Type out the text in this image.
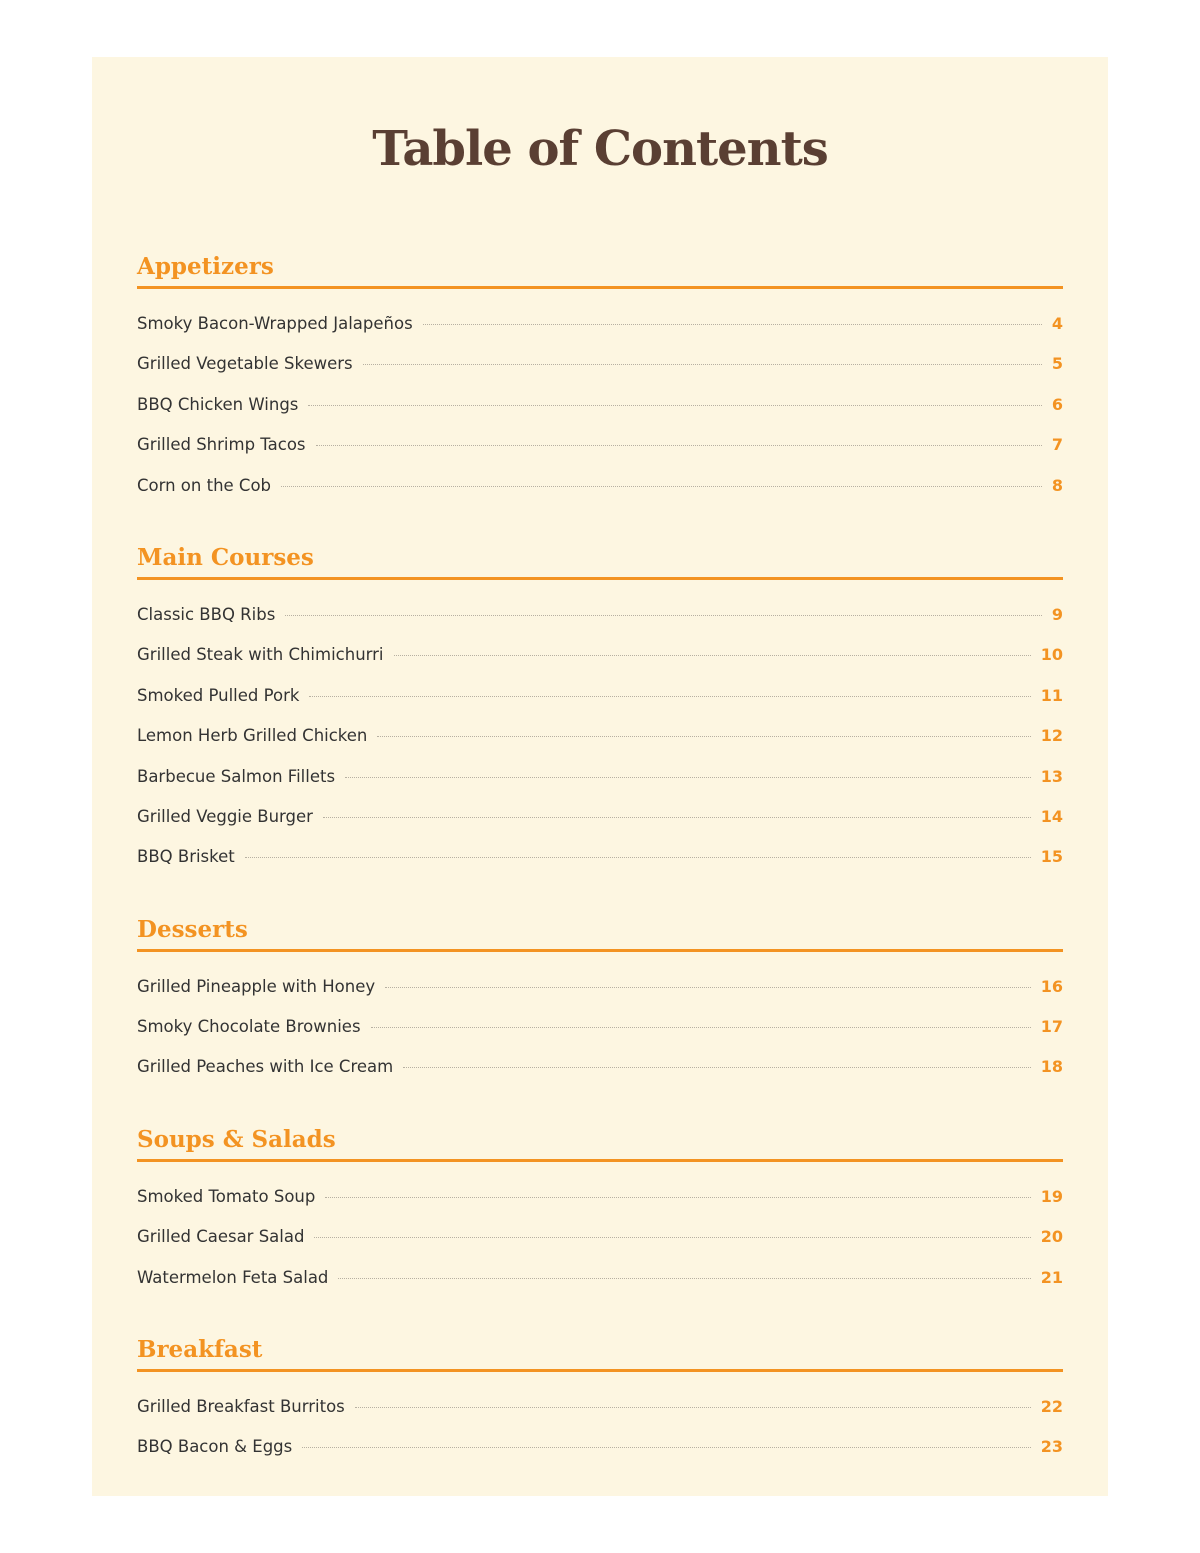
Table of Contents
Appetizers
Smoky Bacon-Wrapped Jalapeños	4
Grilled Vegetable Skewers	5
BBQ Chicken Wings	6
Grilled Shrimp Tacos	7
Corn on the Cob	8
Main Courses
Classic BBQ Ribs	9
Grilled Steak with Chimichurri	10
Smoked Pulled Pork	11
Lemon Herb Grilled Chicken	12
Barbecue Salmon Fillets	13
Grilled Veggie Burger	14
BBQ Brisket	15
Desserts
Grilled Pineapple with Honey	16
Smoky Chocolate Brownies	17
Grilled Peaches with Ice Cream	18
Soups & Salads
Smoked Tomato Soup	19
Grilled Caesar Salad	20
Watermelon Feta Salad	21
Breakfast
Grilled Breakfast Burritos	22
BBQ Bacon & Eggs	23
